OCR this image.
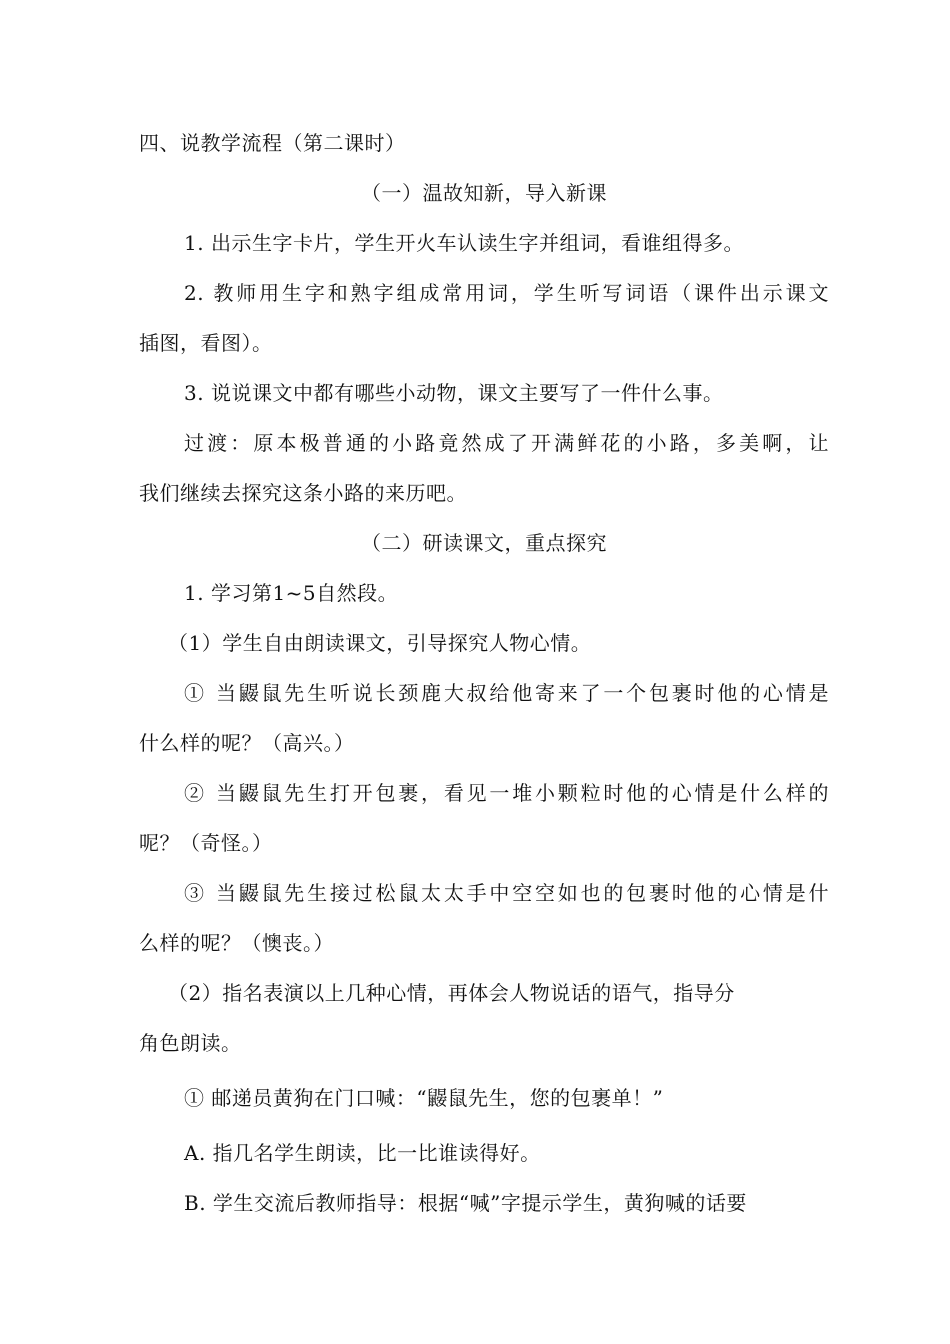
四、说教学流程（第二课时）
（一）温故知新，导入新课
1. 出示生字卡片，学生开火车认读生字并组词，看谁组得多。
2. 教师用生字和熟字组成常用词，学生听写词语（课件出示课文
插图，看图）。
3. 说说课文中都有哪些小动物，课文主要写了一件什么事。
过渡：原本极普通的小路竟然成了开满鲜花的小路，多美啊，让
我们继续去探究这条小路的来历吧。
（二）研读课文，重点探究
1. 学习第1~5自然段。
（1）学生自由朗读课文，引导探究人物心情。
① 当鼹鼠先生听说长颈鹿大叔给他寄来了一个包裹时他的心情是
什么样的呢？（高兴。）
② 当鼹鼠先生打开包裹，看见一堆小颗粒时他的心情是什么样的
呢？（奇怪。）
③ 当鼹鼠先生接过松鼠太太手中空空如也的包裹时他的心情是什
么样的呢？（懊丧。）
（2）指名表演以上几种心情，再体会人物说话的语气，指导分
角色朗读。
① 邮递员黄狗在门口喊：“鼹鼠先生，您的包裹单！”
A. 指几名学生朗读，比一比谁读得好。
B. 学生交流后教师指导：根据“喊”字提示学生，黄狗喊的话要
